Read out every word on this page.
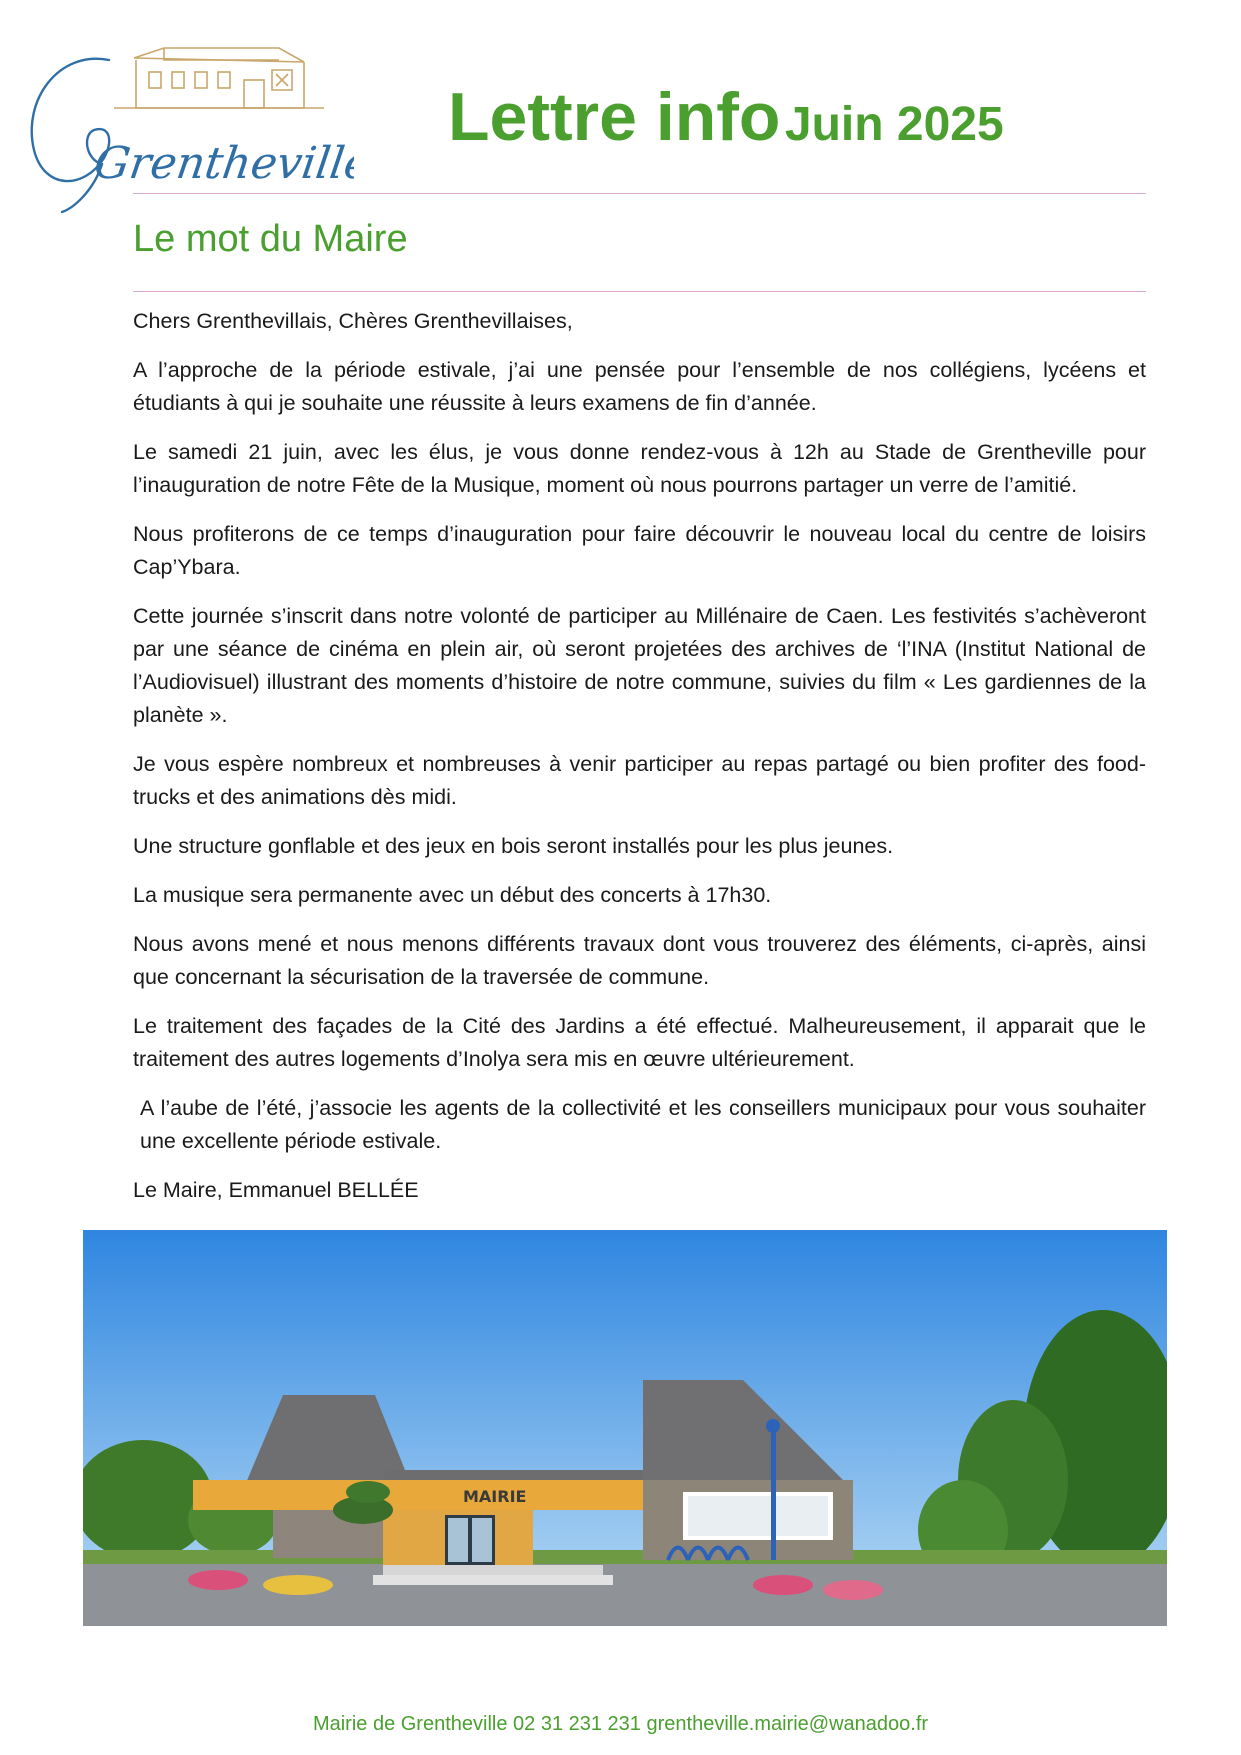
Grentheville
Lettre info Juin 2025
Le mot du Maire

Chers Grenthevillais, Chères Grenthevillaises,

A l’approche de la période estivale, j’ai une pensée pour l’ensemble de nos collégiens, lycéens et étudiants à qui je souhaite une réussite à leurs examens de fin d’année.

Le samedi 21 juin, avec les élus, je vous donne rendez-vous à 12h au Stade de Grentheville pour l’inauguration de notre Fête de la Musique, moment où nous pourrons partager un verre de l’amitié.

Nous profiterons de ce temps d’inauguration pour faire découvrir le nouveau local du centre de loisirs Cap’Ybara.

Cette journée s’inscrit dans notre volonté de participer au Millénaire de Caen. Les festivités s’achèveront par une séance de cinéma en plein air, où seront projetées des archives de ‘l’INA (Institut National de l’Audiovisuel) illustrant des moments d’histoire de notre commune, suivies du film « Les gardiennes de la planète ».

Je vous espère nombreux et nombreuses à venir participer au repas partagé ou bien profiter des food-trucks et des animations dès midi.

Une structure gonflable et des jeux en bois seront installés pour les plus jeunes.

La musique sera permanente avec un début des concerts à 17h30.

Nous avons mené et nous menons différents travaux dont vous trouverez des éléments, ci-après, ainsi que concernant la sécurisation de la traversée de commune.

Le traitement des façades de la Cité des Jardins a été effectué. Malheureusement, il apparait que le traitement des autres logements d’Inolya sera mis en œuvre ultérieurement.

A l’aube de l’été, j’associe les agents de la collectivité et les conseillers municipaux pour vous souhaiter une excellente période estivale.

Le Maire, Emmanuel BELLÉE

MAIRIE
Mairie de Grentheville 02 31 231 231 grentheville.mairie@wanadoo.fr
